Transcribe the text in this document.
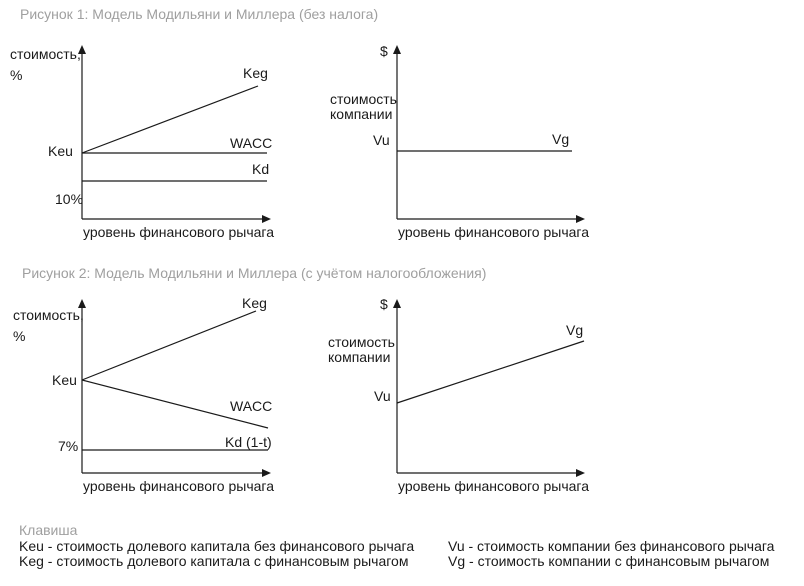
Рисунок 1: Модель Модильяни и Миллера (без налога)
стоимость, %	Keg
WACC
Kd
Keu
10%
уровень финансового рычага
$
стоимость компании
Vu	Vg
уровень финансового рычага
Рисунок 2: Модель Модильяни и Миллера (с учётом налогообложения)
стоимость, %
Keg
WACC
Kd (1-t)
Keu
7%
уровень финансового рычага
$
стоимость компании
Vu
Vg
уровень финансового рычага
Клавиша
Keu - стоимость долевого капитала без финансового рычага
Keg - стоимость долевого капитала с финансовым рычагом
Vu - стоимость компании без финансового рычага
Vg - стоимость компании с финансовым рычагом
